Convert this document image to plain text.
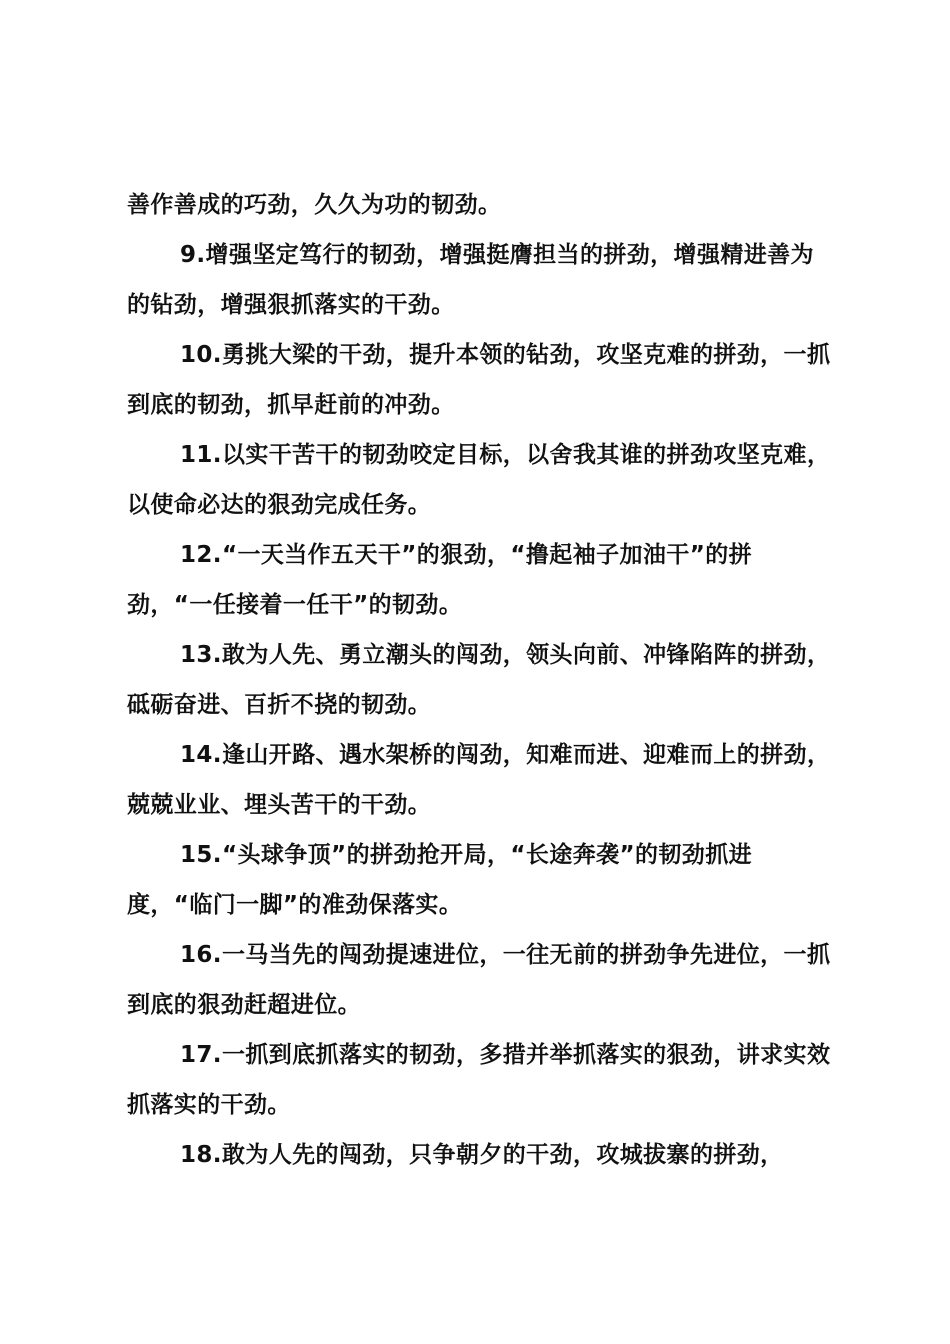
善作善成的巧劲，久久为功的韧劲。

9.增强坚定笃行的韧劲，增强挺膺担当的拼劲，增强精进善为的钻劲，增强狠抓落实的干劲。

10.勇挑大梁的干劲，提升本领的钻劲，攻坚克难的拼劲，一抓到底的韧劲，抓早赶前的冲劲。

11.以实干苦干的韧劲咬定目标，以舍我其谁的拼劲攻坚克难，以使命必达的狠劲完成任务。

12.“一天当作五天干”的狠劲，“撸起袖子加油干”的拼劲，“一任接着一任干”的韧劲。

13.敢为人先、勇立潮头的闯劲，领头向前、冲锋陷阵的拼劲，砥砺奋进、百折不挠的韧劲。

14.逢山开路、遇水架桥的闯劲，知难而进、迎难而上的拼劲，兢兢业业、埋头苦干的干劲。

15.“头球争顶”的拼劲抢开局，“长途奔袭”的韧劲抓进度，“临门一脚”的准劲保落实。

16.一马当先的闯劲提速进位，一往无前的拼劲争先进位，一抓到底的狠劲赶超进位。

17.一抓到底抓落实的韧劲，多措并举抓落实的狠劲，讲求实效抓落实的干劲。

18.敢为人先的闯劲，只争朝夕的干劲，攻城拔寨的拼劲，
